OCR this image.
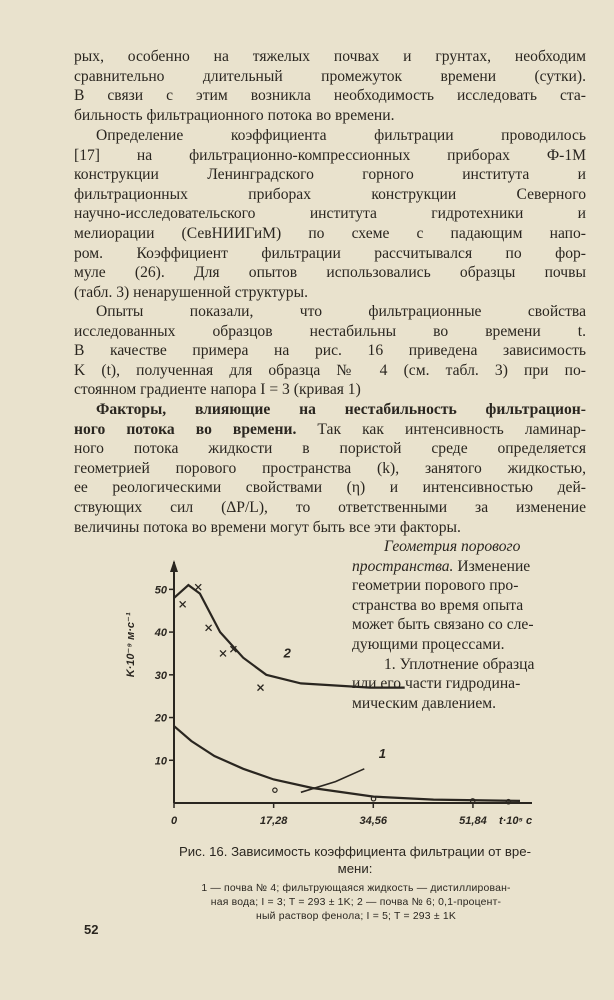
рых, особенно на тяжелых почвах и грунтах, необходим
сравнительно длительный промежуток времени (сутки).
В связи с этим возникла необходимость исследовать ста-
бильность фильтрационного потока во времени.

Определение коэффициента фильтрации проводилось
[17] на фильтрационно-компрессионных приборах Ф-1М
конструкции Ленинградского горного института и
фильтрационных приборах конструкции Северного
научно-исследовательского института гидротехники и
мелиорации (СевНИИГиМ) по схеме с падающим напо-
ром. Коэффициент фильтрации рассчитывался по фор-
муле (26). Для опытов использовались образцы почвы
(табл. 3) ненарушенной структуры.

Опыты показали, что фильтрационные свойства
исследованных образцов нестабильны во времени t.
В качестве примера на рис. 16 приведена зависимость
K (t), полученная для образца № 4 (см. табл. 3) при по-
стоянном градиенте напора I = 3 (кривая 1)

Факторы, влияющие на нестабильность фильтрацион-
ного потока во времени. Так как интенсивность ламинар-
ного потока жидкости в пористой среде определяется
геометрией порового пространства (k), занятого жидкостью,
ее реологическими свойствами (η) и интенсивностью дей-
ствующих сил (ΔP/L), то ответственными за изменение
величины потока во времени могут быть все эти факторы.

Геометрия порового
пространства. Изменение
геометрии порового про-
странства во время опыта
может быть связано со сле-
дующими процессами.
1. Уплотнение образца
или его части гидродина-
мическим давлением.
10
20
30
40
50
0	17,28	34,56	51,84
K·10⁻⁹ м·с⁻¹
t·10⁵ с
1
2
Рис. 16. Зависимость коэффициента фильтрации от вре-
мени:
1 — почва № 4; фильтрующаяся жидкость — дистиллирован-
ная вода; I = 3; T = 293 ± 1K; 2 — почва № 6; 0,1-процент-
ный раствор фенола; I = 5; T = 293 ± 1K
52
